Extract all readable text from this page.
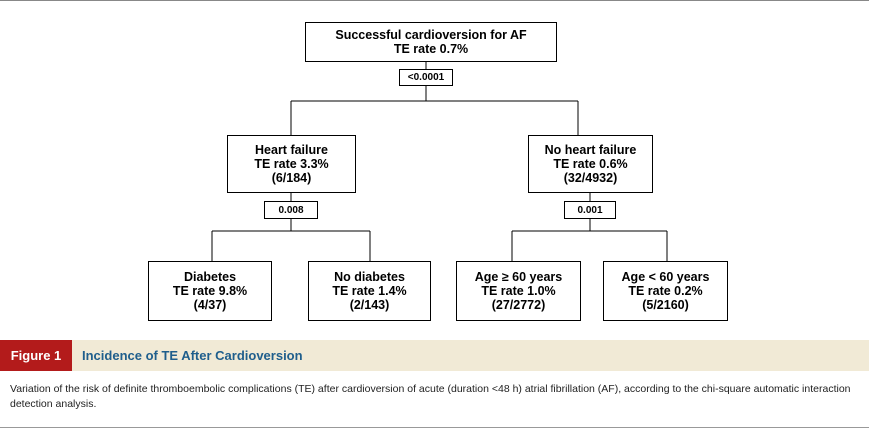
Successful cardioversion for AF
TE rate 0.7%
<0.0001
Heart failure
TE rate 3.3%
(6/184)
0.008
No heart failure
TE rate 0.6%
(32/4932)
0.001
Diabetes
TE rate 9.8%
(4/37)
No diabetes
TE rate 1.4%
(2/143)
Age ≥ 60 years
TE rate 1.0%
(27/2772)
Age < 60 years
TE rate 0.2%
(5/2160)
Figure 1	Incidence of TE After Cardioversion
Variation of the risk of definite thromboembolic complications (TE) after cardioversion of acute (duration <48 h) atrial fibrillation (AF), according to the chi-square automatic interaction detection analysis.
